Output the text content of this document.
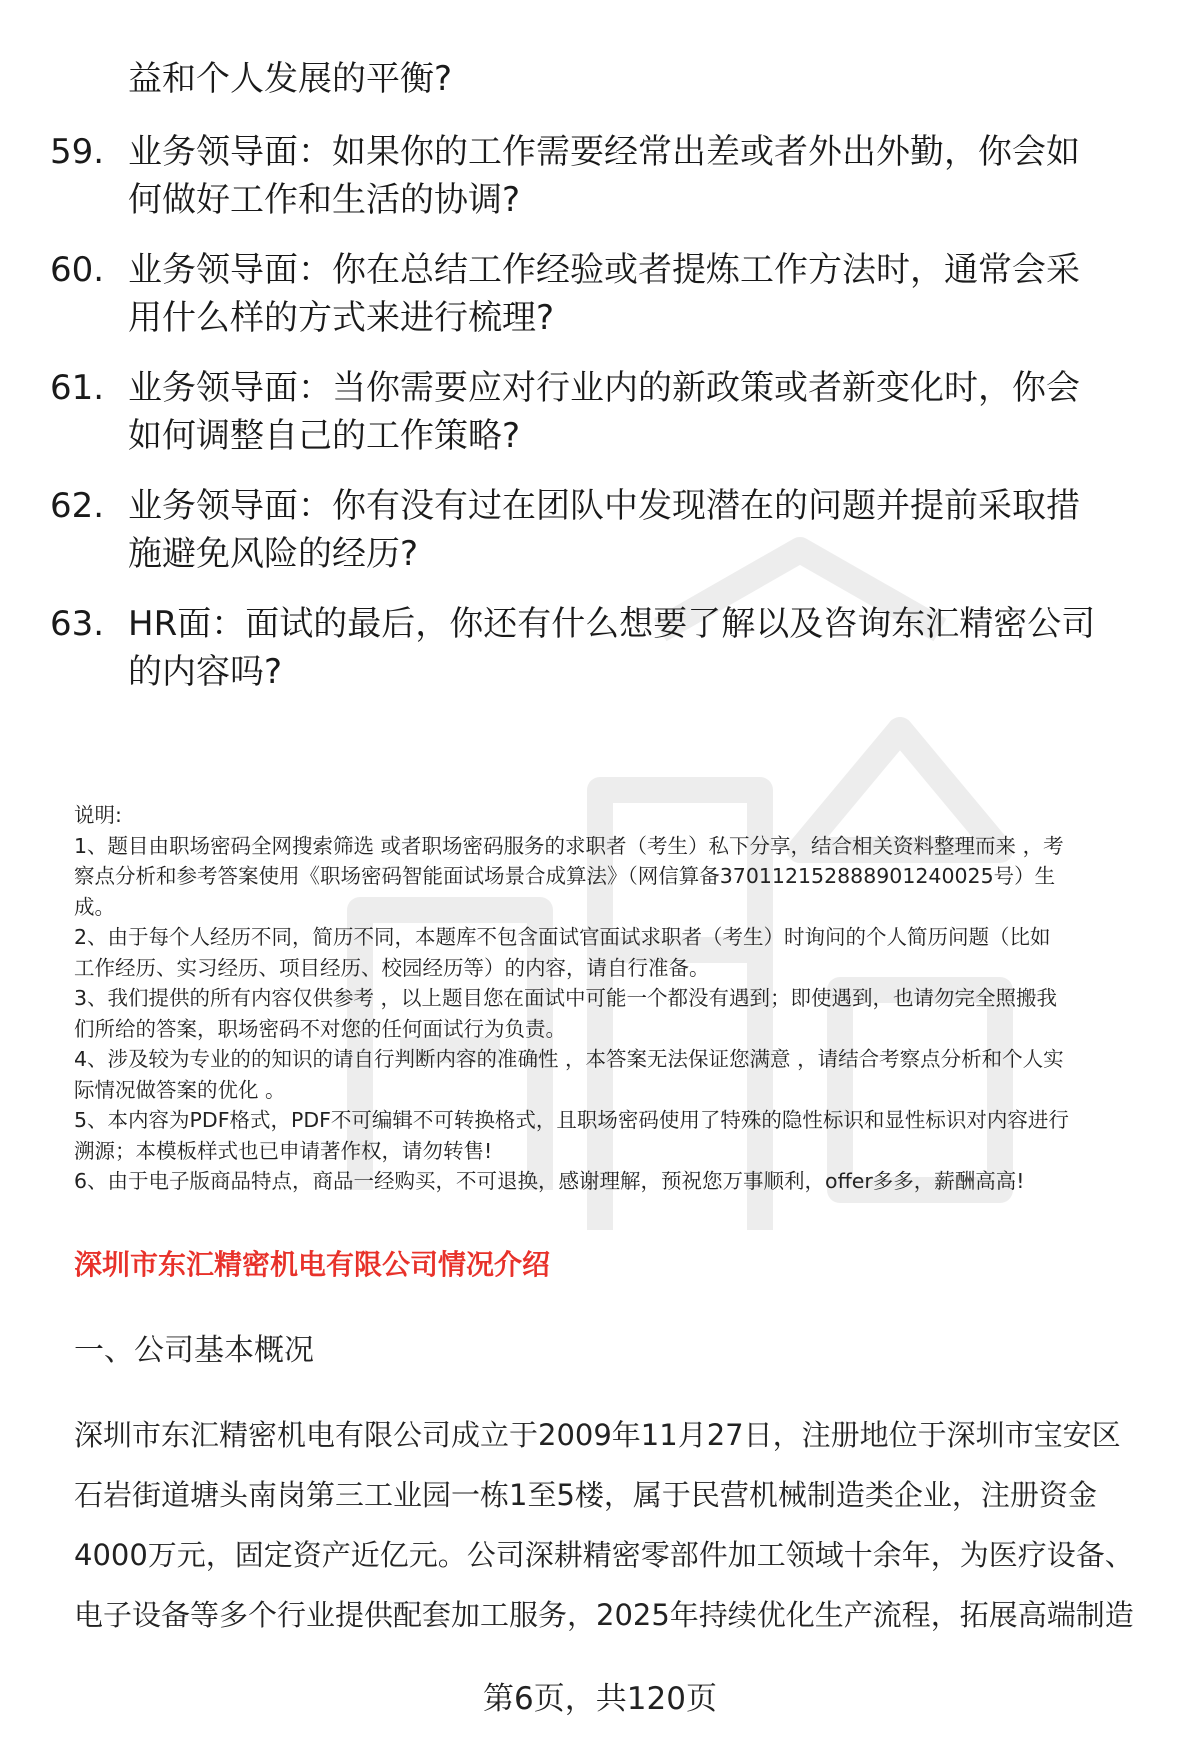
益和个人发展的平衡?
59. 业务领导面：如果你的工作需要经常出差或者外出外勤，你会如
何做好工作和生活的协调?
60. 业务领导面：你在总结工作经验或者提炼工作方法时，通常会采
用什么样的方式来进行梳理?
61. 业务领导面：当你需要应对行业内的新政策或者新变化时，你会
如何调整自己的工作策略?
62. 业务领导面：你有没有过在团队中发现潜在的问题并提前采取措
施避免风险的经历?
63. HR面：面试的最后，你还有什么想要了解以及咨询东汇精密公司
的内容吗?
说明:
1、题目由职场密码全网搜索筛选 或者职场密码服务的求职者（考生）私下分享，结合相关资料整理而来 ，考
察点分析和参考答案使用《职场密码智能面试场景合成算法》（网信算备370112152888901240025号）生
成。
2、由于每个人经历不同，简历不同，本题库不包含面试官面试求职者（考生）时询问的个人简历问题（比如
工作经历、实习经历、项目经历、校园经历等）的内容，请自行准备。
3、我们提供的所有内容仅供参考 ，以上题目您在面试中可能一个都没有遇到；即使遇到，也请勿完全照搬我
们所给的答案，职场密码不对您的任何面试行为负责。
4、涉及较为专业的的知识的请自行判断内容的准确性 ，本答案无法保证您满意 ，请结合考察点分析和个人实
际情况做答案的优化 。
5、本内容为PDF格式，PDF不可编辑不可转换格式，且职场密码使用了特殊的隐性标识和显性标识对内容进行
溯源；本模板样式也已申请著作权，请勿转售!
6、由于电子版商品特点，商品一经购买，不可退换，感谢理解，预祝您万事顺利，offer多多，薪酬高高!
深圳市东汇精密机电有限公司情况介绍
一、公司基本概况
深圳市东汇精密机电有限公司成立于2009年11月27日，注册地位于深圳市宝安区
石岩街道塘头南岗第三工业园一栋1至5楼，属于民营机械制造类企业，注册资金
4000万元，固定资产近亿元。公司深耕精密零部件加工领域十余年，为医疗设备、
电子设备等多个行业提供配套加工服务，2025年持续优化生产流程，拓展高端制造
第6页，共120页
